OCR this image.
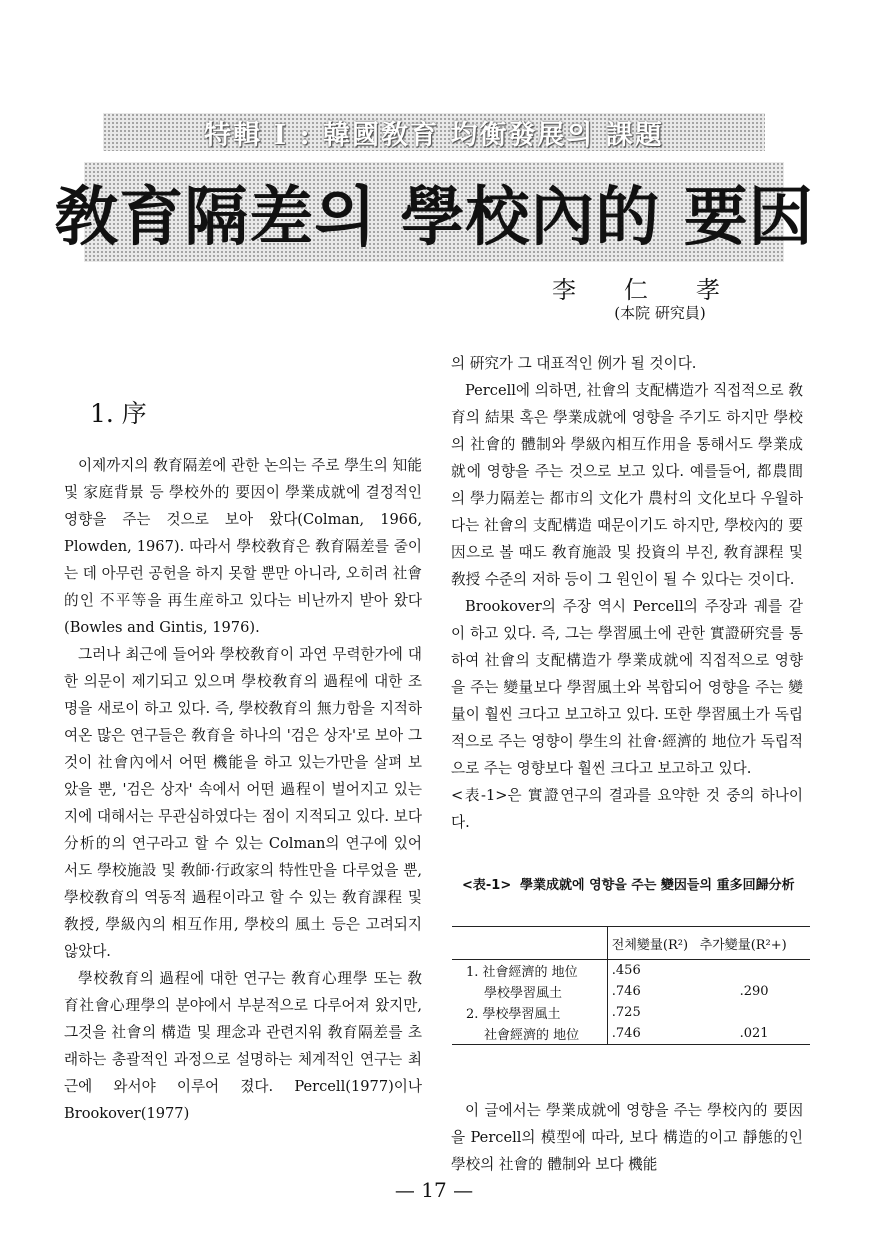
特輯 I : 韓國敎育 均衡發展의 課題
敎育隔差의 學校內的 要因
李仁孝
(本院 硏究員)
1. 序

이제까지의 敎育隔差에 관한 논의는 주로 學生의 知能 및 家庭背景 등 學校外的 要因이 學業成就에 결정적인 영향을 주는 것으로 보아 왔다(Colman, 1966, Plowden, 1967). 따라서 學校敎育은 敎育隔差를 줄이는 데 아무런 공헌을 하지 못할 뿐만 아니라, 오히려 社會的인 不平等을 再生産하고 있다는 비난까지 받아 왔다(Bowles and Gintis, 1976).

그러나 최근에 들어와 學校敎育이 과연 무력한가에 대한 의문이 제기되고 있으며 學校敎育의 過程에 대한 조명을 새로이 하고 있다. 즉, 學校敎育의 無力함을 지적하여온 많은 연구들은 敎育을 하나의 '검은 상자'로 보아 그것이 社會內에서 어떤 機能을 하고 있는가만을 살펴 보았을 뿐, '검은 상자' 속에서 어떤 過程이 벌어지고 있는지에 대해서는 무관심하였다는 점이 지적되고 있다. 보다 分析的의 연구라고 할 수 있는 Colman의 연구에 있어서도 學校施設 및 敎師·行政家의 特性만을 다루었을 뿐, 學校敎育의 역동적 過程이라고 할 수 있는 敎育課程 및 敎授, 學級內의 相互作用, 學校의 風土 등은 고려되지 않았다.

學校敎育의 過程에 대한 연구는 敎育心理學 또는 敎育社會心理學의 분야에서 부분적으로 다루어져 왔지만, 그것을 社會의 構造 및 理念과 관련지워 敎育隔差를 초래하는 총괄적인 과정으로 설명하는 체계적인 연구는 최근에 와서야 이루어 졌다. Percell(1977)이나 Brookover(1977)

의 硏究가 그 대표적인 例가 될 것이다.

Percell에 의하면, 社會의 支配構造가 직접적으로 敎育의 結果 혹은 學業成就에 영향을 주기도 하지만 學校의 社會的 體制와 學級內相互作用을 통해서도 學業成就에 영향을 주는 것으로 보고 있다. 예를들어, 都農間의 學力隔差는 都市의 文化가 農村의 文化보다 우월하다는 社會의 支配構造 때문이기도 하지만, 學校內的 要因으로 볼 때도 敎育施設 및 投資의 부진, 敎育課程 및 敎授 수준의 저하 등이 그 원인이 될 수 있다는 것이다.

Brookover의 주장 역시 Percell의 주장과 궤를 같이 하고 있다. 즉, 그는 學習風土에 관한 實證硏究를 통하여 社會의 支配構造가 學業成就에 직접적으로 영향을 주는 變量보다 學習風土와 복합되어 영향을 주는 變量이 훨씬 크다고 보고하고 있다. 또한 學習風土가 독립적으로 주는 영향이 學生의 社會·經濟的 地位가 독립적으로 주는 영향보다 훨씬 크다고 보고하고 있다.

<表-1>은 實證연구의 결과를 요약한 것 중의 하나이다.

<表-1> 學業成就에 영향을 주는 變因들의 重多回歸分析
	전체變量(R²)	추가變量(R²+)
1. 社會經濟的 地位	.456	
學校學習風土	.746	.290
2. 學校學習風土	.725	
社會經濟的 地位	.746	.021

이 글에서는 學業成就에 영향을 주는 學校內的 要因을 Percell의 模型에 따라, 보다 構造的이고 靜態的인 學校의 社會的 體制와 보다 機能

— 17 —
